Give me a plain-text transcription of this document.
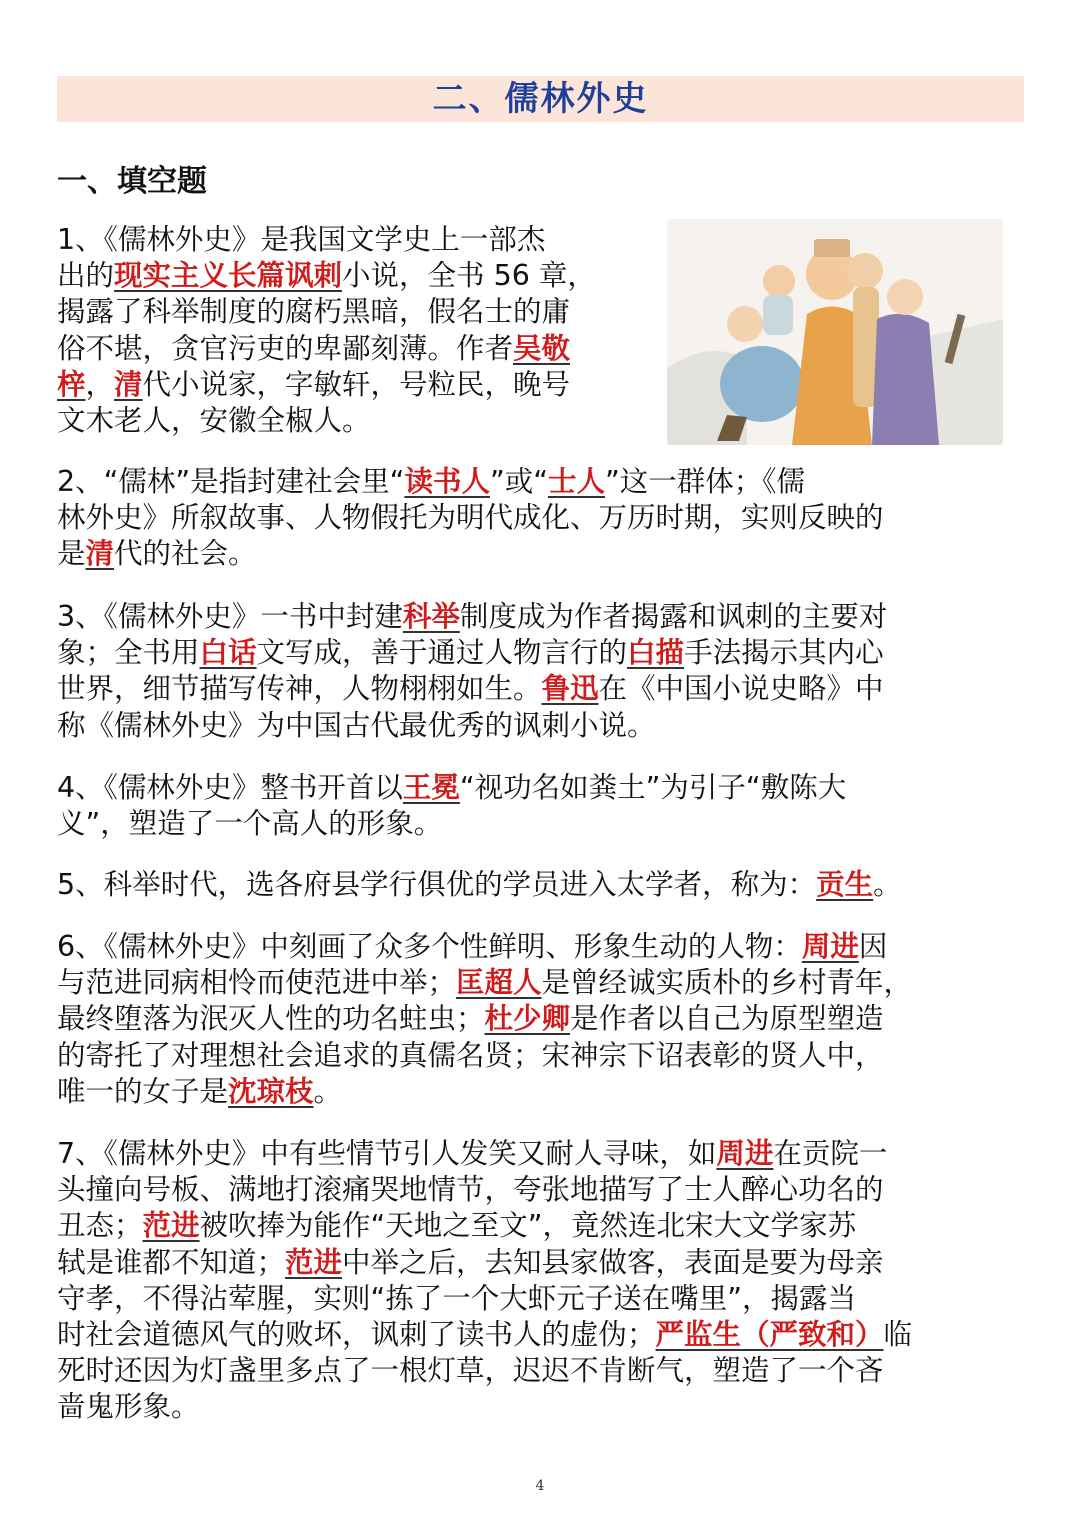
二、儒林外史
一、填空题

1、《儒林外史》是我国文学史上一部杰
出的现实主义长篇讽刺小说，全书 56 章，
揭露了科举制度的腐朽黑暗，假名士的庸
俗不堪，贪官污吏的卑鄙刻薄。作者吴敬
梓，清代小说家，字敏轩，号粒民，晚号
文木老人，安徽全椒人。

2、“儒林”是指封建社会里“读书人”或“士人”这一群体；《儒
林外史》所叙故事、人物假托为明代成化、万历时期，实则反映的
是清代的社会。

3、《儒林外史》一书中封建科举制度成为作者揭露和讽刺的主要对
象；全书用白话文写成，善于通过人物言行的白描手法揭示其内心
世界，细节描写传神，人物栩栩如生。鲁迅在《中国小说史略》中
称《儒林外史》为中国古代最优秀的讽刺小说。

4、《儒林外史》整书开首以王冕“视功名如粪土”为引子“敷陈大
义”，塑造了一个高人的形象。

5、科举时代，选各府县学行俱优的学员进入太学者，称为：贡生。

6、《儒林外史》中刻画了众多个性鲜明、形象生动的人物：周进因
与范进同病相怜而使范进中举；匡超人是曾经诚实质朴的乡村青年，
最终堕落为泯灭人性的功名蛀虫；杜少卿是作者以自己为原型塑造
的寄托了对理想社会追求的真儒名贤；宋神宗下诏表彰的贤人中，
唯一的女子是沈琼枝。

7、《儒林外史》中有些情节引人发笑又耐人寻味，如周进在贡院一
头撞向号板、满地打滚痛哭地情节，夸张地描写了士人醉心功名的
丑态；范进被吹捧为能作“天地之至文”，竟然连北宋大文学家苏
轼是谁都不知道；范进中举之后，去知县家做客，表面是要为母亲
守孝，不得沾荤腥，实则“拣了一个大虾元子送在嘴里”，揭露当
时社会道德风气的败坏，讽刺了读书人的虚伪；严监生（严致和）临
死时还因为灯盏里多点了一根灯草，迟迟不肯断气，塑造了一个吝
啬鬼形象。

4
